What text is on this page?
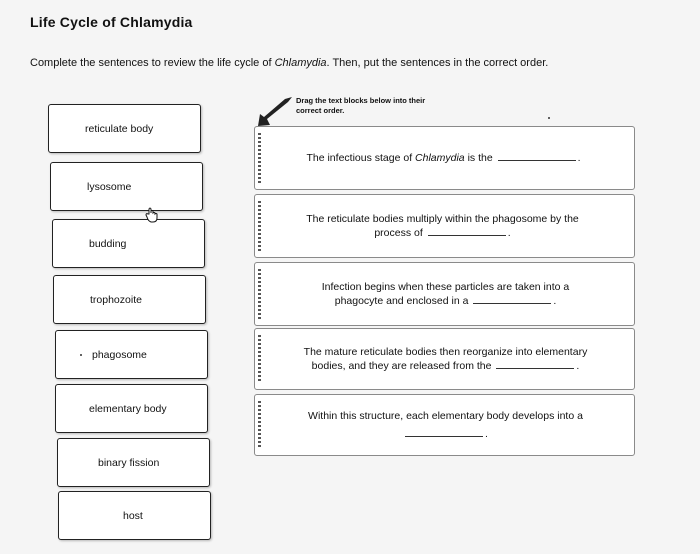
Life Cycle of Chlamydia
Complete the sentences to review the life cycle of Chlamydia. Then, put the sentences in the correct order.
Drag the text blocks below into their
correct order.
reticulate body
lysosome
budding
trophozoite
phagosome
elementary body
binary fission
host
The infectious stage of Chlamydia is the	.
The reticulate bodies multiply within the phagosome by the
process of	.
Infection begins when these particles are taken into a
phagocyte and enclosed in a	.
The mature reticulate bodies then reorganize into elementary
bodies, and they are released from the	.
Within this structure, each elementary body develops into a
.
